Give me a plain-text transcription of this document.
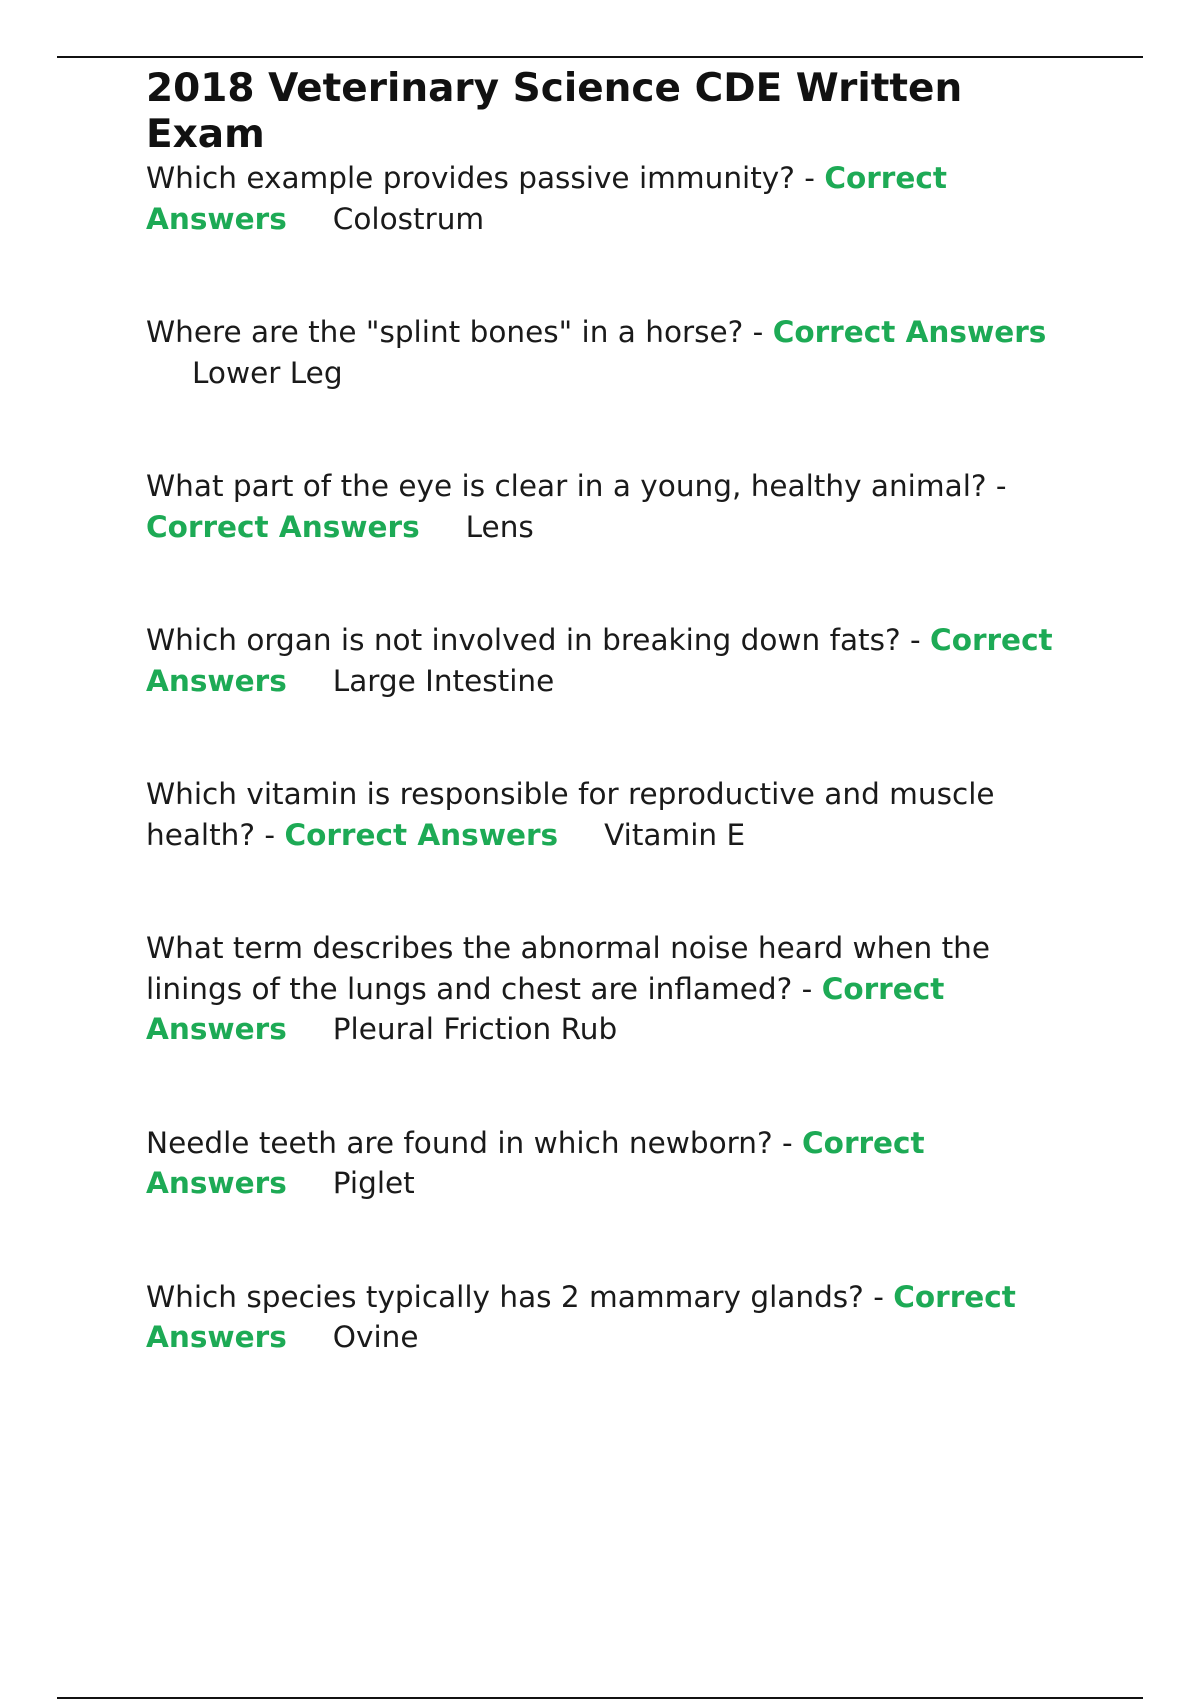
2018 Veterinary Science CDE Written Exam

Which example provides passive immunity? - Correct Answers Colostrum

Where are the "splint bones" in a horse? - Correct Answers
Lower Leg

What part of the eye is clear in a young, healthy animal? - Correct Answers Lens

Which organ is not involved in breaking down fats? - Correct Answers Large Intestine

Which vitamin is responsible for reproductive and muscle health? - Correct Answers Vitamin E

What term describes the abnormal noise heard when the linings of the lungs and chest are inflamed? - Correct Answers Pleural Friction Rub

Needle teeth are found in which newborn? - Correct Answers Piglet

Which species typically has 2 mammary glands? - Correct Answers Ovine
